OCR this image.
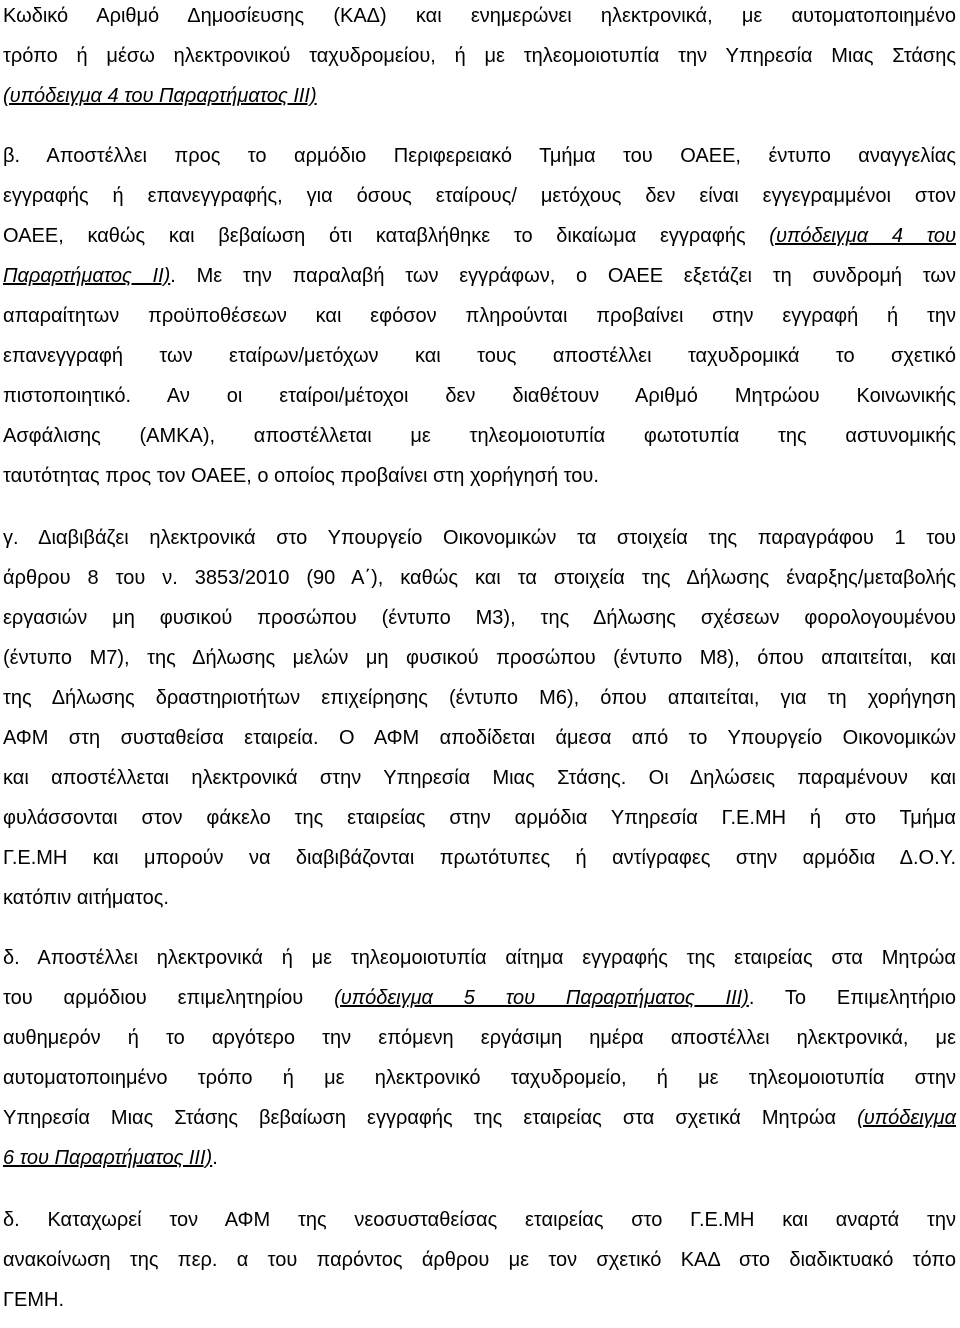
Κωδικό Αριθμό Δημοσίευσης (ΚΑΔ) και ενημερώνει ηλεκτρονικά, με αυτοματοποιημένο
τρόπο ή μέσω ηλεκτρονικού ταχυδρομείου, ή με τηλεομοιοτυπία την Υπηρεσία Μιας Στάσης
(υπόδειγμα 4 του Παραρτήματος ΙΙΙ)
β. Αποστέλλει προς το αρμόδιο Περιφερειακό Τμήμα του ΟΑΕΕ, έντυπο αναγγελίας
εγγραφής ή επανεγγραφής, για όσους εταίρους/ μετόχους δεν είναι εγγεγραμμένοι στον
ΟΑΕΕ, καθώς και βεβαίωση ότι καταβλήθηκε το δικαίωμα εγγραφής (υπόδειγμα 4 του
Παραρτήματος ΙΙ). Με την παραλαβή των εγγράφων, ο ΟΑΕΕ εξετάζει τη συνδρομή των
απαραίτητων προϋποθέσεων και εφόσον πληρούνται προβαίνει στην εγγραφή ή την
επανεγγραφή των εταίρων/μετόχων και τους αποστέλλει ταχυδρομικά το σχετικό
πιστοποιητικό. Αν οι εταίροι/μέτοχοι δεν διαθέτουν Αριθμό Μητρώου Κοινωνικής
Ασφάλισης (ΑΜΚΑ), αποστέλλεται με τηλεομοιοτυπία φωτοτυπία της αστυνομικής
ταυτότητας προς τον ΟΑΕΕ, ο οποίος προβαίνει στη χορήγησή του.
γ. Διαβιβάζει ηλεκτρονικά στο Υπουργείο Οικονομικών τα στοιχεία της παραγράφου 1 του
άρθρου 8 του ν. 3853/2010 (90 Α΄), καθώς και τα στοιχεία της Δήλωσης έναρξης/μεταβολής
εργασιών μη φυσικού προσώπου (έντυπο Μ3), της Δήλωσης σχέσεων φορολογουμένου
(έντυπο Μ7), της Δήλωσης μελών μη φυσικού προσώπου (έντυπο Μ8), όπου απαιτείται, και
της Δήλωσης δραστηριοτήτων επιχείρησης (έντυπο Μ6), όπου απαιτείται, για τη χορήγηση
ΑΦΜ στη συσταθείσα εταιρεία. Ο ΑΦΜ αποδίδεται άμεσα από το Υπουργείο Οικονομικών
και αποστέλλεται ηλεκτρονικά στην Υπηρεσία Μιας Στάσης. Οι Δηλώσεις παραμένουν και
φυλάσσονται στον φάκελο της εταιρείας στην αρμόδια Υπηρεσία Γ.Ε.ΜΗ ή στο Τμήμα
Γ.Ε.ΜΗ και μπορούν να διαβιβάζονται πρωτότυπες ή αντίγραφες στην αρμόδια Δ.Ο.Υ.
κατόπιν αιτήματος.
δ. Αποστέλλει ηλεκτρονικά ή με τηλεομοιοτυπία αίτημα εγγραφής της εταιρείας στα Μητρώα
του αρμόδιου επιμελητηρίου (υπόδειγμα 5 του Παραρτήματος ΙΙΙ). Το Επιμελητήριο
αυθημερόν ή το αργότερο την επόμενη εργάσιμη ημέρα αποστέλλει ηλεκτρονικά, με
αυτοματοποιημένο τρόπο ή με ηλεκτρονικό ταχυδρομείο, ή με τηλεομοιοτυπία στην
Υπηρεσία Μιας Στάσης βεβαίωση εγγραφής της εταιρείας στα σχετικά Μητρώα (υπόδειγμα
6 του Παραρτήματος ΙΙΙ).
δ. Καταχωρεί τον ΑΦΜ της νεοσυσταθείσας εταιρείας στο Γ.Ε.ΜΗ και αναρτά την
ανακοίνωση της περ. α του παρόντος άρθρου με τον σχετικό ΚΑΔ στο διαδικτυακό τόπο
ΓΕΜΗ.
